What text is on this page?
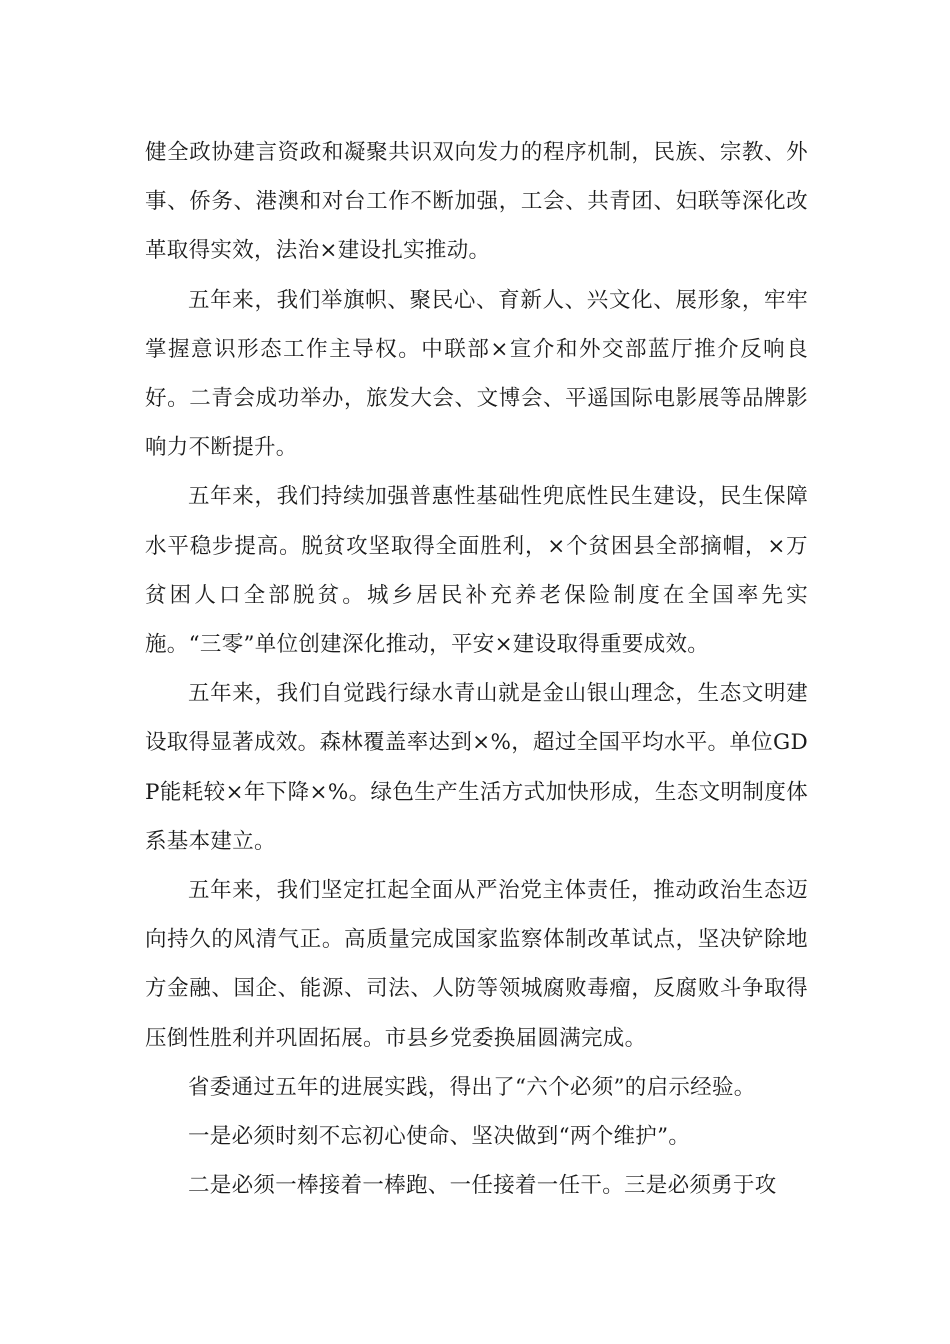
健全政协建言资政和凝聚共识双向发力的程序机制，民族、宗教、外事、侨务、港澳和对台工作不断加强，工会、共青团、妇联等深化改革取得实效，法治×建设扎实推动。

五年来，我们举旗帜、聚民心、育新人、兴文化、展形象，牢牢掌握意识形态工作主导权。中联部×宣介和外交部蓝厅推介反响良好。二青会成功举办，旅发大会、文博会、平遥国际电影展等品牌影响力不断提升。

五年来，我们持续加强普惠性基础性兜底性民生建设，民生保障水平稳步提高。脱贫攻坚取得全面胜利，×个贫困县全部摘帽，×万贫困人口全部脱贫。城乡居民补充养老保险制度在全国率先实施。“三零”单位创建深化推动，平安×建设取得重要成效。

五年来，我们自觉践行绿水青山就是金山银山理念，生态文明建设取得显著成效。森林覆盖率达到×%，超过全国平均水平。单位GDP能耗较×年下降×%。绿色生产生活方式加快形成，生态文明制度体系基本建立。

五年来，我们坚定扛起全面从严治党主体责任，推动政治生态迈向持久的风清气正。高质量完成国家监察体制改革试点，坚决铲除地方金融、国企、能源、司法、人防等领城腐败毒瘤，反腐败斗争取得压倒性胜利并巩固拓展。市县乡党委换届圆满完成。

省委通过五年的进展实践，得出了“六个必须”的启示经验。

一是必须时刻不忘初心使命、坚决做到“两个维护”。

二是必须一棒接着一棒跑、一任接着一任干。三是必须勇于攻
